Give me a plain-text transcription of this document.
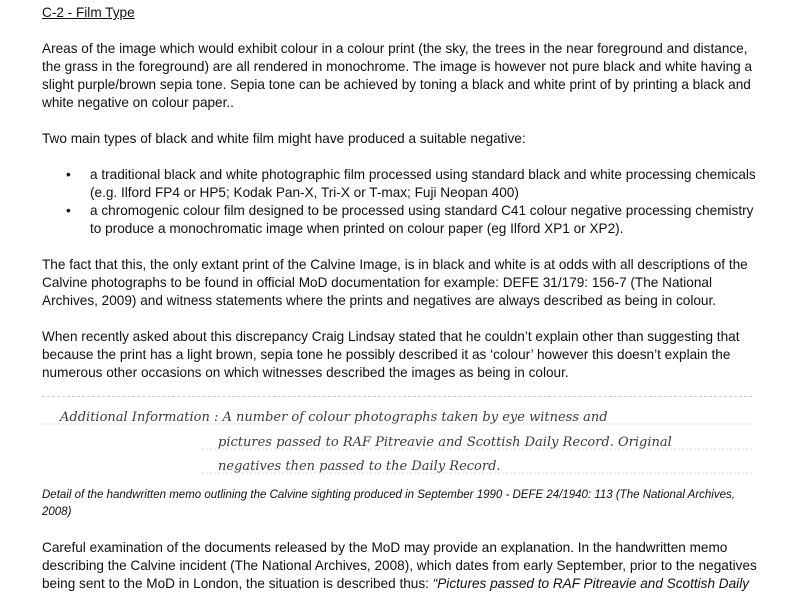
C-2 - Film Type

Areas of the image which would exhibit colour in a colour print (the sky, the trees in the near foreground and distance, the grass in the foreground) are all rendered in monochrome. The image is however not pure black and white having a slight purple/brown sepia tone. Sepia tone can be achieved by toning a black and white print of by printing a black and white negative on colour paper..

Two main types of black and white film might have produced a suitable negative:

• a traditional black and white photographic film processed using standard black and white processing chemicals (e.g. Ilford FP4 or HP5; Kodak Pan-X, Tri-X or T-max; Fuji Neopan 400)
• a chromogenic colour film designed to be processed using standard C41 colour negative processing chemistry to produce a monochromatic image when printed on colour paper (eg Ilford XP1 or XP2).

The fact that this, the only extant print of the Calvine Image, is in black and white is at odds with all descriptions of the Calvine photographs to be found in official MoD documentation for example: DEFE 31/179: 156-7 (The National Archives, 2009) and witness statements where the prints and negatives are always described as being in colour.

When recently asked about this discrepancy Craig Lindsay stated that he couldn’t explain other than suggesting that because the print has a light brown, sepia tone he possibly described it as ‘colour’ however this doesn’t explain the numerous other occasions on which witnesses described the images as being in colour.

Additional Information : A number of colour photographs taken by eye witness and
pictures passed to RAF Pitreavie and Scottish Daily Record. Original
negatives then passed to the Daily Record.

Detail of the handwritten memo outlining the Calvine sighting produced in September 1990 - DEFE 24/1940: 113 (The National Archives, 2008)

Careful examination of the documents released by the MoD may provide an explanation. In the handwritten memo describing the Calvine incident (The National Archives, 2008), which dates from early September, prior to the negatives being sent to the MoD in London, the situation is described thus: “Pictures passed to RAF Pitreavie and Scottish Daily
